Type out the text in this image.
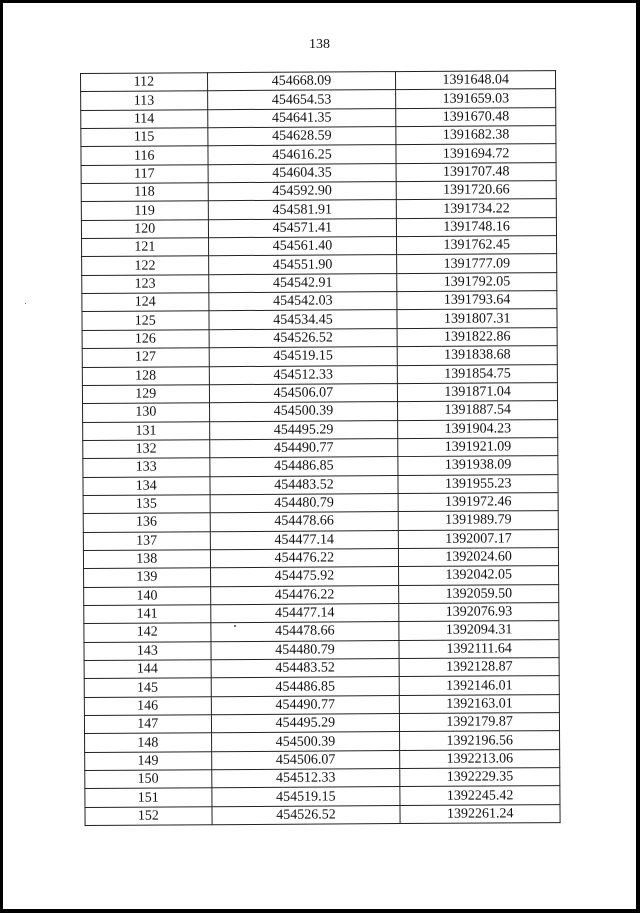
138
112	454668.09	1391648.04
113	454654.53	1391659.03
114	454641.35	1391670.48
115	454628.59	1391682.38
116	454616.25	1391694.72
117	454604.35	1391707.48
118	454592.90	1391720.66
119	454581.91	1391734.22
120	454571.41	1391748.16
121	454561.40	1391762.45
122	454551.90	1391777.09
123	454542.91	1391792.05
124	454542.03	1391793.64
125	454534.45	1391807.31
126	454526.52	1391822.86
127	454519.15	1391838.68
128	454512.33	1391854.75
129	454506.07	1391871.04
130	454500.39	1391887.54
131	454495.29	1391904.23
132	454490.77	1391921.09
133	454486.85	1391938.09
134	454483.52	1391955.23
135	454480.79	1391972.46
136	454478.66	1391989.79
137	454477.14	1392007.17
138	454476.22	1392024.60
139	454475.92	1392042.05
140	454476.22	1392059.50
141	454477.14	1392076.93
142	454478.66	1392094.31
143	454480.79	1392111.64
144	454483.52	1392128.87
145	454486.85	1392146.01
146	454490.77	1392163.01
147	454495.29	1392179.87
148	454500.39	1392196.56
149	454506.07	1392213.06
150	454512.33	1392229.35
151	454519.15	1392245.42
152	454526.52	1392261.24
